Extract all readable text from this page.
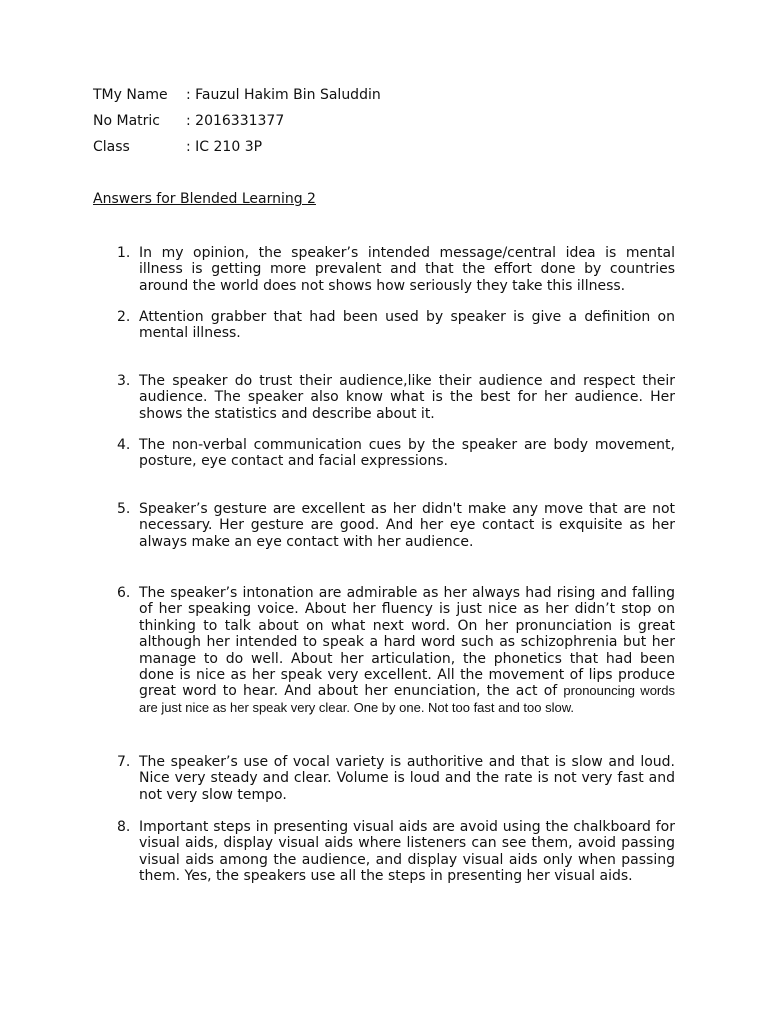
TMy Name : Fauzul Hakim Bin Saluddin
No Matric : 2016331377
Class	: IC 210 3P
Answers for Blended Learning 2
1. In my opinion, the speaker’s intended message/central idea is mental illness is getting more prevalent and that the effort done by countries around the world does not shows how seriously they take this illness.
2. Attention grabber that had been used by speaker is give a definition on mental illness.
3. The speaker do trust their audience,like their audience and respect their audience. The speaker also know what is the best for her audience. Her shows the statistics and describe about it.
4. The non-verbal communication cues by the speaker are body movement, posture, eye contact and facial expressions.
5. Speaker’s gesture are excellent as her didn't make any move that are not necessary. Her gesture are good. And her eye contact is exquisite as her always make an eye contact with her audience.
6. The speaker’s intonation are admirable as her always had rising and falling of her speaking voice. About her fluency is just nice as her didn’t stop on thinking to talk about on what next word. On her pronunciation is great although her intended to speak a hard word such as schizophrenia but her manage to do well. About her articulation, the phonetics that had been done is nice as her speak very excellent. All the movement of lips produce great word to hear. And about her enunciation, the act of pronouncing words are just nice as her speak very clear. One by one. Not too fast and too slow.
7. The speaker’s use of vocal variety is authoritive and that is slow and loud. Nice very steady and clear. Volume is loud and the rate is not very fast and not very slow tempo.
8. Important steps in presenting visual aids are avoid using the chalkboard for visual aids, display visual aids where listeners can see them, avoid passing visual aids among the audience, and display visual aids only when passing them. Yes, the speakers use all the steps in presenting her visual aids.
